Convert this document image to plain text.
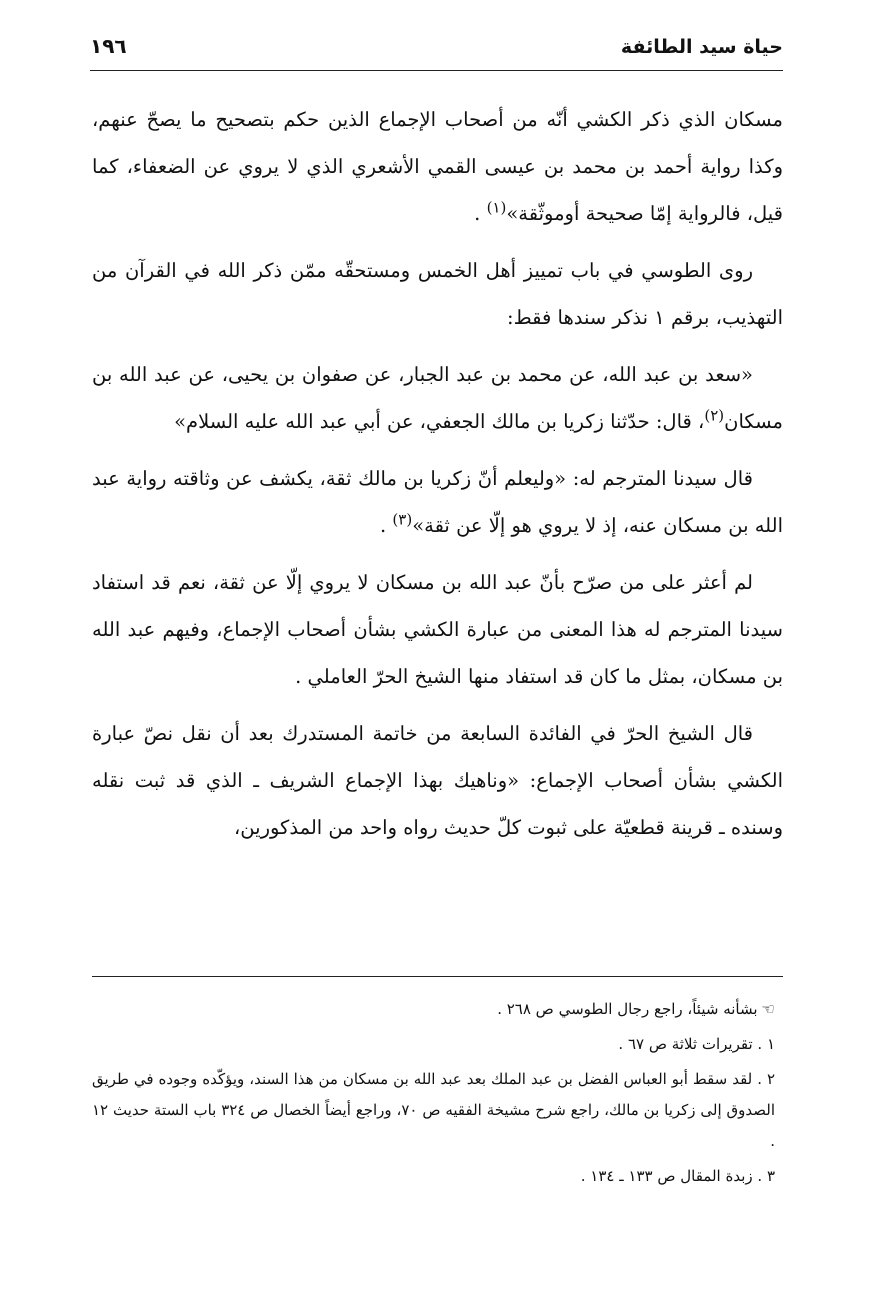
حياة سيد الطائفة
١٩٦

مسكان الذي ذكر الكشي أنّه من أصحاب الإجماع الذين حكم بتصحيح ما يصحّ عنهم، وكذا رواية أحمد بن محمد بن عيسى القمي الأشعري الذي لا يروي عن الضعفاء، كما قيل، فالرواية إمّا صحيحة أوموثّقة»$^{(١)}$ .

روى الطوسي في باب تمييز أهل الخمس ومستحقّه ممّن ذكر الله في القرآن من التهذيب، برقم ١ نذكر سندها فقط:

«سعد بن عبد الله، عن محمد بن عبد الجبار، عن صفوان بن يحيى، عن عبد الله بن مسكان$^{(٢)}$، قال: حدّثنا زكريا بن مالك الجعفي، عن أبي عبد الله عليه السلام»

قال سيدنا المترجم له: «وليعلم أنّ زكريا بن مالك ثقة، يكشف عن وثاقته رواية عبد الله بن مسكان عنه، إذ لا يروي هو إلّا عن ثقة»$^{(٣)}$ .

لم أعثر على من صرّح بأنّ عبد الله بن مسكان لا يروي إلّا عن ثقة، نعم قد استفاد سيدنا المترجم له هذا المعنى من عبارة الكشي بشأن أصحاب الإجماع، وفيهم عبد الله بن مسكان، بمثل ما كان قد استفاد منها الشيخ الحرّ العاملي .

قال الشيخ الحرّ في الفائدة السابعة من خاتمة المستدرك بعد أن نقل نصّ عبارة الكشي بشأن أصحاب الإجماع: «وناهيك بهذا الإجماع الشريف ـ الذي قد ثبت نقله وسنده ـ قرينة قطعيّة على ثبوت كلّ حديث رواه واحد من المذكورين،

☜بشأنه شيئاً، راجع رجال الطوسي ص ٢٦٨ .
١ . تقريرات ثلاثة ص ٦٧ .
٢ . لقد سقط أبو العباس الفضل بن عبد الملك بعد عبد الله بن مسكان من هذا السند، ويؤكّده وجوده في طريق الصدوق إلى زكريا بن مالك، راجع شرح مشيخة الفقيه ص ٧٠، وراجع أيضاً الخصال ص ٣٢٤ باب الستة حديث ١٢ .
٣ . زبدة المقال ص ١٣٣ ـ ١٣٤ .
